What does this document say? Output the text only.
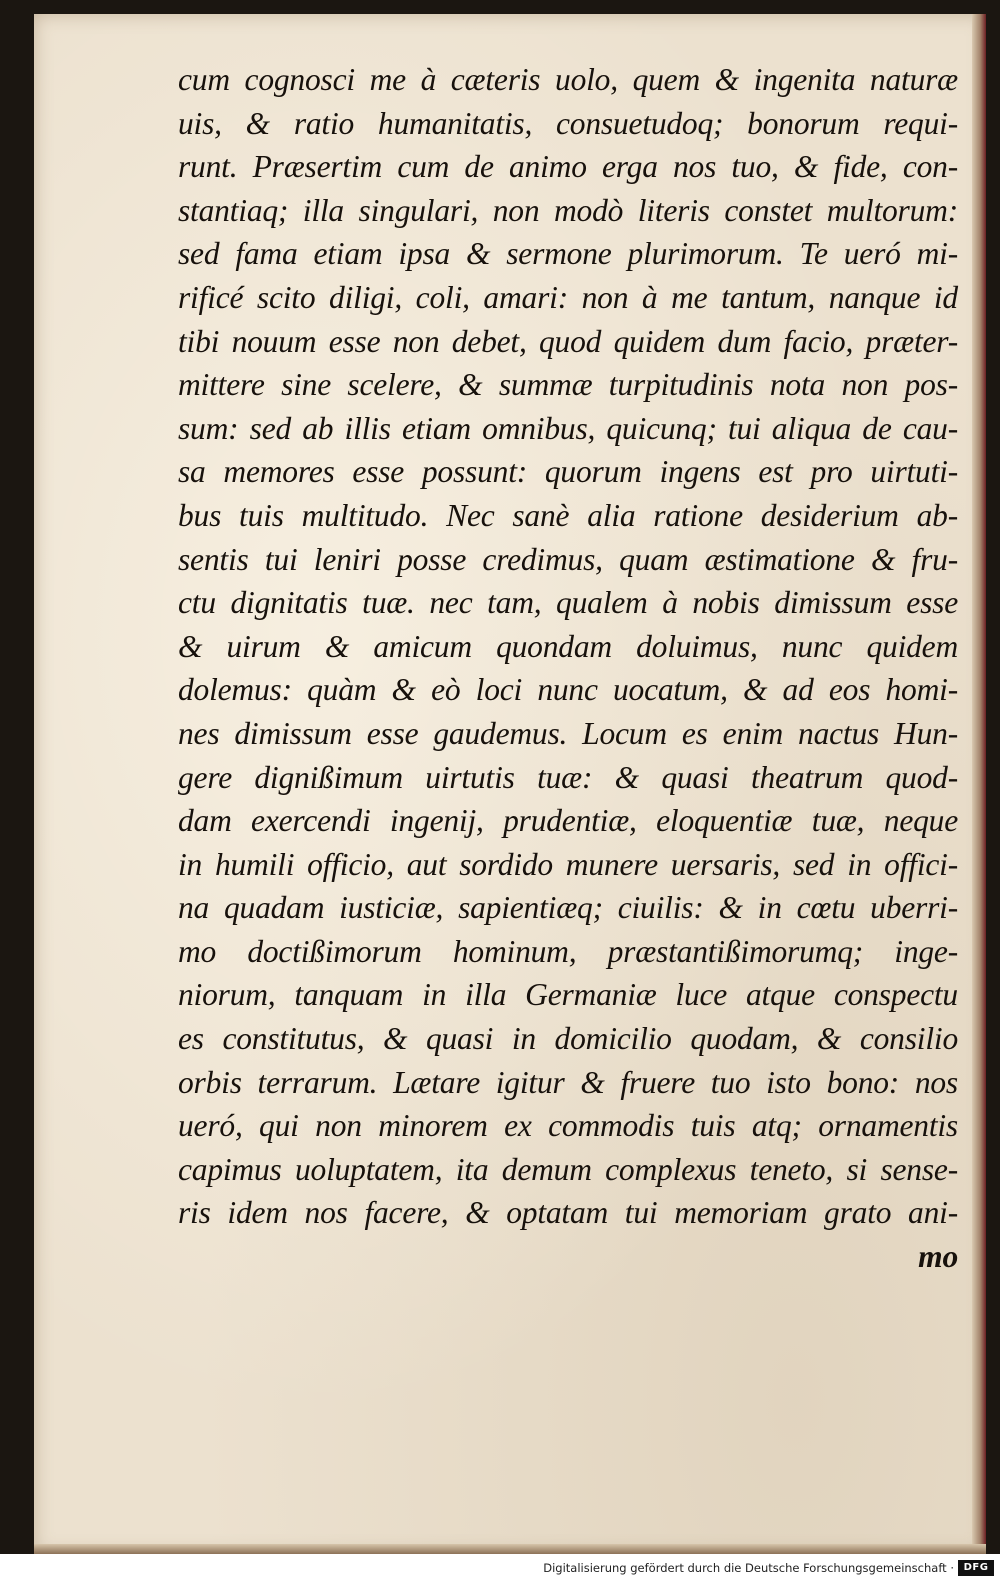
cum cognosci me à cæteris uolo, quem & ingenita naturæ
uis, & ratio humanitatis, consuetudoq; bonorum requi-
runt. Præsertim cum de animo erga nos tuo, & fide, con-
stantiaq; illa singulari, non modò literis constet multorum:
sed fama etiam ipsa & sermone plurimorum. Te ueró mi-
rificé scito diligi, coli, amari: non à me tantum, nanque id
tibi nouum esse non debet, quod quidem dum facio, præter-
mittere sine scelere, & summæ turpitudinis nota non pos-
sum: sed ab illis etiam omnibus, quicunq; tui aliqua de cau-
sa memores esse possunt: quorum ingens est pro uirtuti-
bus tuis multitudo. Nec sanè alia ratione desiderium ab-
sentis tui leniri posse credimus, quam æstimatione & fru-
ctu dignitatis tuæ. nec tam, qualem à nobis dimissum esse
& uirum & amicum quondam doluimus, nunc quidem
dolemus: quàm & eò loci nunc uocatum, & ad eos homi-
nes dimissum esse gaudemus. Locum es enim nactus Hun-
gere dignißimum uirtutis tuæ: & quasi theatrum quod-
dam exercendi ingenij, prudentiæ, eloquentiæ tuæ, neque
in humili officio, aut sordido munere uersaris, sed in offici-
na quadam iusticiæ, sapientiæq; ciuilis: & in cœtu uberri-
mo doctißimorum hominum, præstantißimorumq; inge-
niorum, tanquam in illa Germaniæ luce atque conspectu
es constitutus, & quasi in domicilio quodam, & consilio
orbis terrarum. Lætare igitur & fruere tuo isto bono: nos
ueró, qui non minorem ex commodis tuis atq; ornamentis
capimus uoluptatem, ita demum complexus teneto, si sense-
ris idem nos facere, & optatam tui memoriam grato ani-
mo
Digitalisierung gefördert durch die Deutsche Forschungsgemeinschaft · DFG
